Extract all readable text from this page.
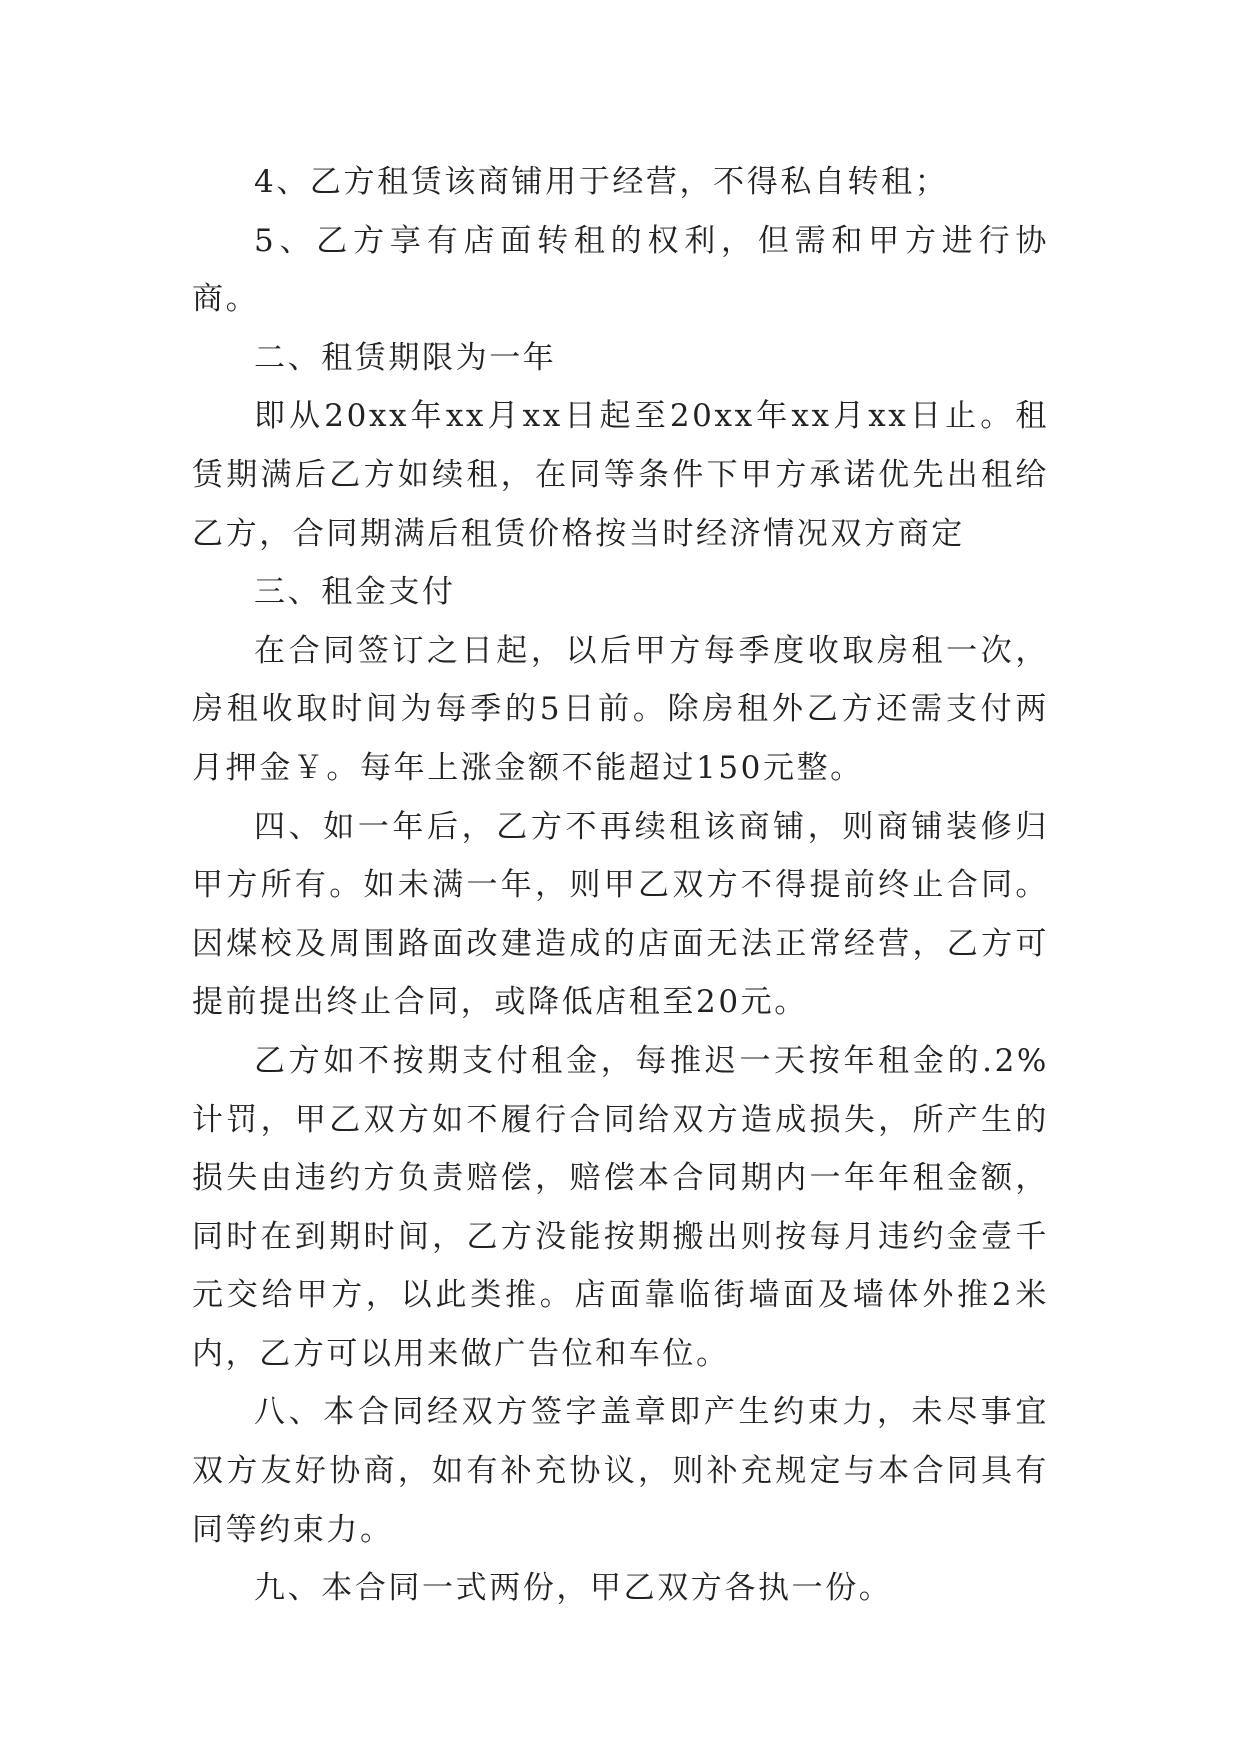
4、乙方租赁该商铺用于经营，不得私自转租；

5、乙方享有店面转租的权利，但需和甲方进行协商。

二、租赁期限为一年

即从20xx年xx月xx日起至20xx年xx月xx日止。租赁期满后乙方如续租，在同等条件下甲方承诺优先出租给乙方，合同期满后租赁价格按当时经济情况双方商定

三、租金支付

在合同签订之日起，以后甲方每季度收取房租一次，房租收取时间为每季的5日前。除房租外乙方还需支付两月押金￥。每年上涨金额不能超过150元整。

四、如一年后，乙方不再续租该商铺，则商铺装修归甲方所有。如未满一年，则甲乙双方不得提前终止合同。因煤校及周围路面改建造成的店面无法正常经营，乙方可提前提出终止合同，或降低店租至20元。

乙方如不按期支付租金，每推迟一天按年租金的.2%计罚，甲乙双方如不履行合同给双方造成损失，所产生的损失由违约方负责赔偿，赔偿本合同期内一年年租金额，同时在到期时间，乙方没能按期搬出则按每月违约金壹千元交给甲方，以此类推。店面靠临街墙面及墙体外推2米内，乙方可以用来做广告位和车位。

八、本合同经双方签字盖章即产生约束力，未尽事宜双方友好协商，如有补充协议，则补充规定与本合同具有同等约束力。

九、本合同一式两份，甲乙双方各执一份。
